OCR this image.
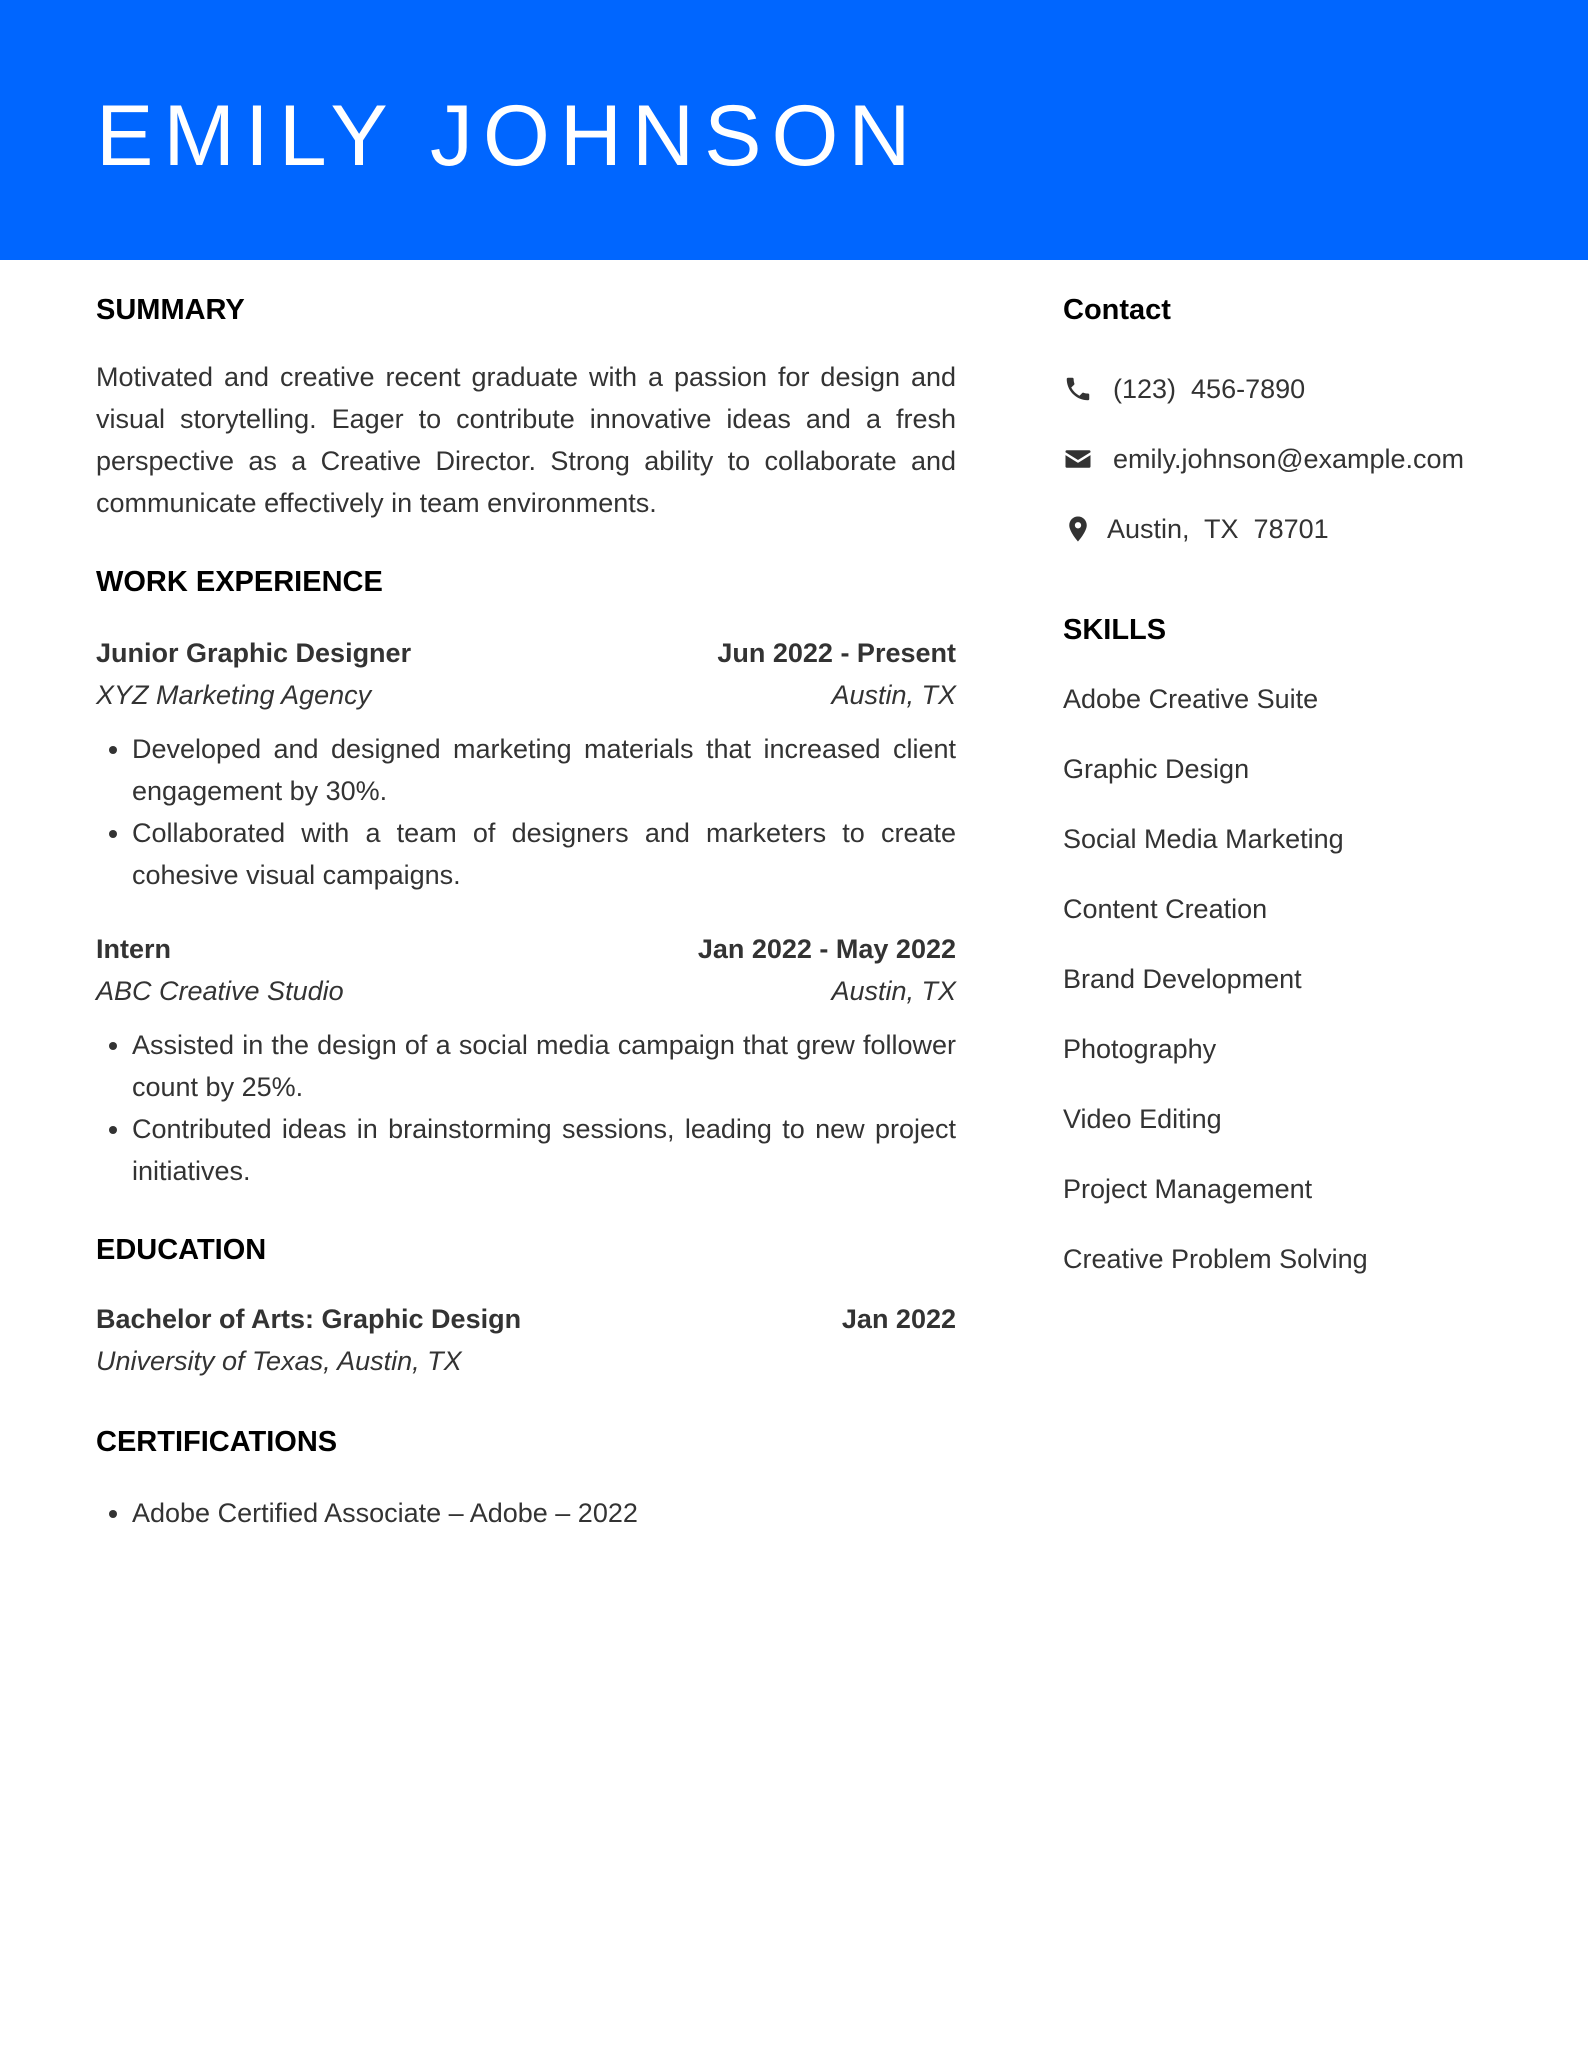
EMILY JOHNSON
SUMMARY
Motivated and creative recent graduate with a passion for design and visual storytelling. Eager to contribute innovative ideas and a fresh perspective as a Creative Director. Strong ability to collaborate and communicate effectively in team environments.
WORK EXPERIENCE
Junior Graphic Designer	Jun 2022 - Present
XYZ Marketing Agency	Austin, TX
• Developed and designed marketing materials that increased client engagement by 30%.
• Collaborated with a team of designers and marketers to create cohesive visual campaigns.
Intern	Jan 2022 - May 2022
ABC Creative Studio	Austin, TX
• Assisted in the design of a social media campaign that grew follower count by 25%.
• Contributed ideas in brainstorming sessions, leading to new project initiatives.
EDUCATION
Bachelor of Arts: Graphic Design	Jan 2022
University of Texas, Austin, TX
CERTIFICATIONS
• Adobe Certified Associate – Adobe – 2022
Contact
(123)  456-7890
emily.johnson@example.com
Austin,  TX  78701
SKILLS
Adobe Creative Suite
Graphic Design
Social Media Marketing
Content Creation
Brand Development
Photography
Video Editing
Project Management
Creative Problem Solving
